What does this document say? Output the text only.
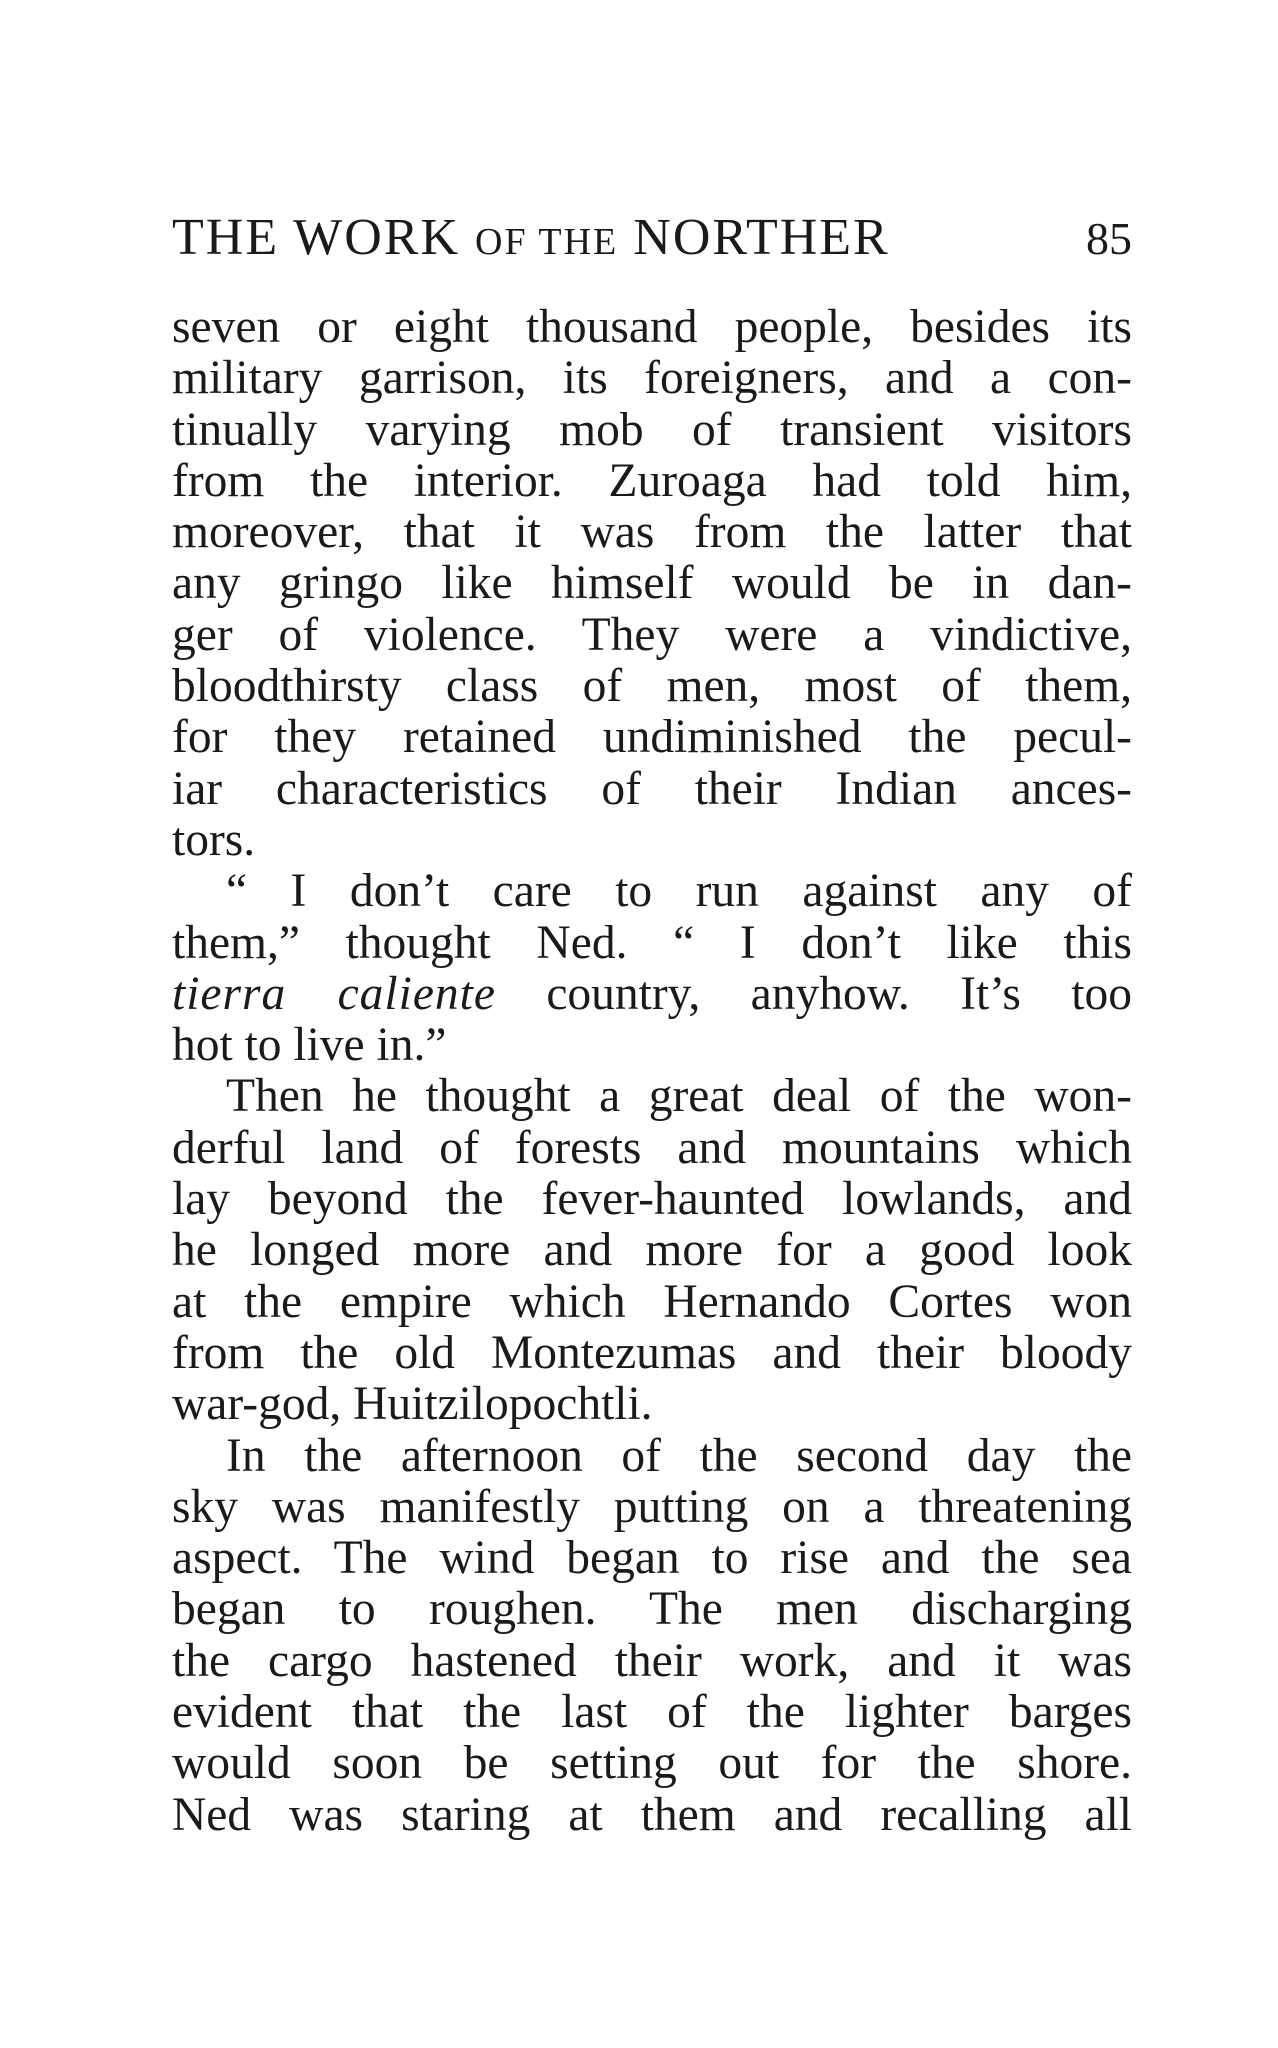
THE WORK OF THE NORTHER	85

seven or eight thousand people, besides its
military garrison, its foreigners, and a con-
tinually varying mob of transient visitors
from the interior. Zuroaga had told him,
moreover, that it was from the latter that
any gringo like himself would be in dan-
ger of violence. They were a vindictive,
bloodthirsty class of men, most of them,
for they retained undiminished the pecul-
iar characteristics of their Indian ances-
tors.

“ I don’t care to run against any of
them,” thought Ned. “ I don’t like this
tierra caliente country, anyhow. It’s too
hot to live in.”

Then he thought a great deal of the won-
derful land of forests and mountains which
lay beyond the fever-haunted lowlands, and
he longed more and more for a good look
at the empire which Hernando Cortes won
from the old Montezumas and their bloody
war-god, Huitzilopochtli.

In the afternoon of the second day the
sky was manifestly putting on a threatening
aspect. The wind began to rise and the sea
began to roughen. The men discharging
the cargo hastened their work, and it was
evident that the last of the lighter barges
would soon be setting out for the shore.
Ned was staring at them and recalling all
